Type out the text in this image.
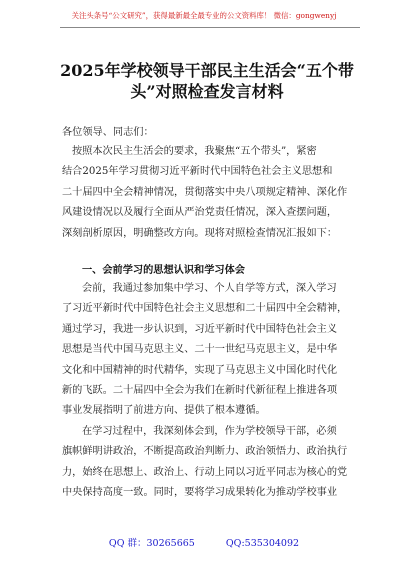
关注头条号“公文研究”，获得最新最全最专业的公文资料库！ 微信：gongwenyj
2025年学校领导干部民主生活会“五个带头”对照检查发言材料
各位领导、同志们：
按照本次民主生活会的要求，我聚焦“五个带头”，紧密
结合2025年学习贯彻习近平新时代中国特色社会主义思想和
二十届四中全会精神情况，贯彻落实中央八项规定精神、深化作
风建设情况以及履行全面从严治党责任情况，深入查摆问题，
深刻剖析原因，明确整改方向。现将对照检查情况汇报如下：
一、会前学习的思想认识和学习体会
会前，我通过参加集中学习、个人自学等方式，深入学习
了习近平新时代中国特色社会主义思想和二十届四中全会精神，
通过学习，我进一步认识到，习近平新时代中国特色社会主义
思想是当代中国马克思主义、二十一世纪马克思主义，是中华
文化和中国精神的时代精华，实现了马克思主义中国化时代化
新的飞跃。二十届四中全会为我们在新时代新征程上推进各项
事业发展指明了前进方向、提供了根本遵循。
在学习过程中，我深刻体会到，作为学校领导干部，必须
旗帜鲜明讲政治，不断提高政治判断力、政治领悟力、政治执行
力，始终在思想上、政治上、行动上同以习近平同志为核心的党
中央保持高度一致。同时，要将学习成果转化为推动学校事业
QQ 群：30265665	QQ:535304092
